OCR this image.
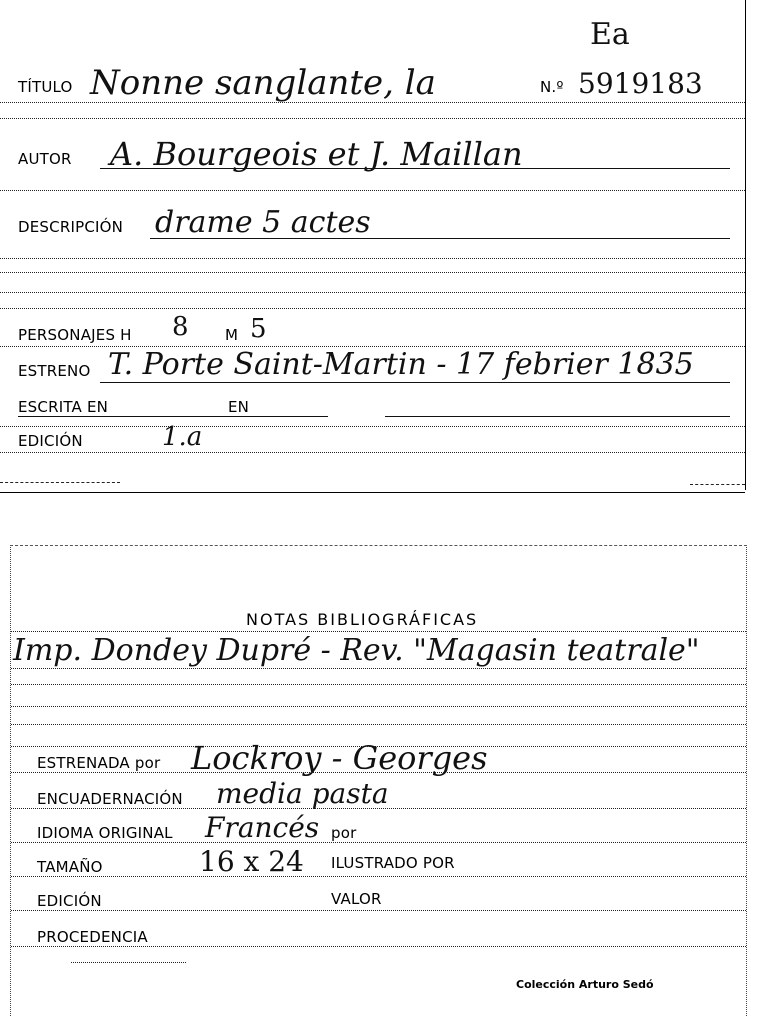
Ea
TÍTULO Nonne sanglante, la	N.º 5919183
AUTOR A. Bourgeois et J. Maillan
DESCRIPCIÓN drame 5 actes
PERSONAJES H 8 M 5
ESTRENO T. Porte Saint-Martin - 17 febrier 1835
ESCRITA EN	EN
EDICIÓN	1.a
NOTAS BIBLIOGRÁFICAS
Imp. Dondey Dupré - Rev. "Magasin teatrale"
ESTRENADA por Lockroy - Georges
ENCUADERNACIÓN media pasta
IDIOMA ORIGINAL Francés por
TAMAÑO	16 x 24 ILUSTRADO POR
EDICIÓN	VALOR
PROCEDENCIA
Colección Arturo Sedó
